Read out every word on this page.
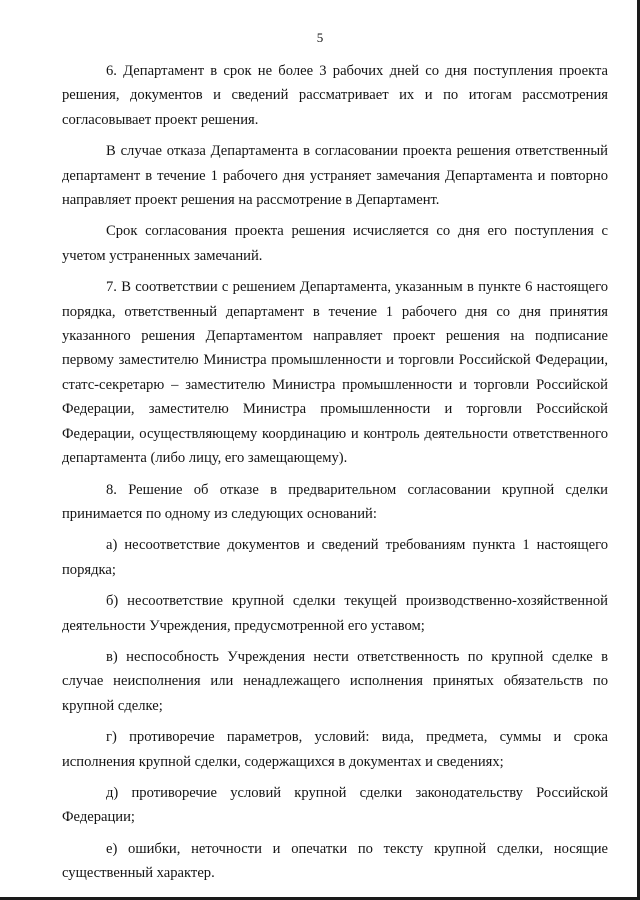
5

6. Департамент в срок не более 3 рабочих дней со дня поступления проекта решения, документов и сведений рассматривает их и по итогам рассмотрения согласовывает проект решения.

В случае отказа Департамента в согласовании проекта решения ответственный департамент в течение 1 рабочего дня устраняет замечания Департамента и повторно направляет проект решения на рассмотрение в Департамент.

Срок согласования проекта решения исчисляется со дня его поступления с учетом устраненных замечаний.

7. В соответствии с решением Департамента, указанным в пункте 6 настоящего порядка, ответственный департамент в течение 1 рабочего дня со дня принятия указанного решения Департаментом направляет проект решения на подписание первому заместителю Министра промышленности и торговли Российской Федерации, статс-секретарю – заместителю Министра промышленности и торговли Российской Федерации, заместителю Министра промышленности и торговли Российской Федерации, осуществляющему координацию и контроль деятельности ответственного департамента (либо лицу, его замещающему).

8. Решение об отказе в предварительном согласовании крупной сделки принимается по одному из следующих оснований:

а) несоответствие документов и сведений требованиям пункта 1 настоящего порядка;

б) несоответствие крупной сделки текущей производственно-хозяйственной деятельности Учреждения, предусмотренной его уставом;

в) неспособность Учреждения нести ответственность по крупной сделке в случае неисполнения или ненадлежащего исполнения принятых обязательств по крупной сделке;

г) противоречие параметров, условий: вида, предмета, суммы и срока исполнения крупной сделки, содержащихся в документах и сведениях;

д) противоречие условий крупной сделки законодательству Российской Федерации;

е) ошибки, неточности и опечатки по тексту крупной сделки, носящие существенный характер.
